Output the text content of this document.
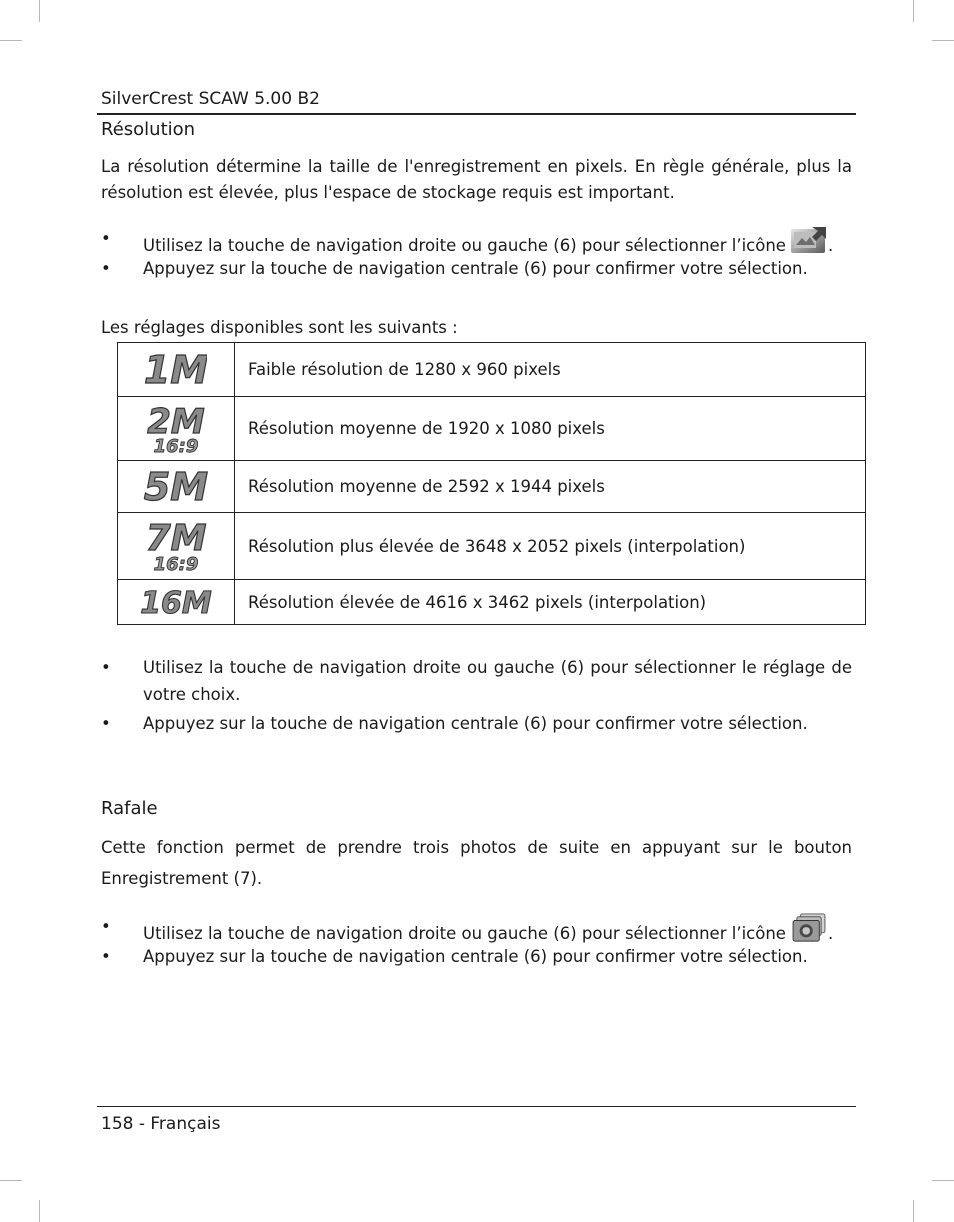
SilverCrest SCAW 5.00 B2
Résolution
La résolution détermine la taille de l'enregistrement en pixels. En règle générale, plus la résolution est élevée, plus l'espace de stockage requis est important.
• Utilisez la touche de navigation droite ou gauche (6) pour sélectionner l’icône	.
• Appuyez sur la touche de navigation centrale (6) pour confirmer votre sélection.
Les réglages disponibles sont les suivants :
1M	Faible résolution de 1280 x 960 pixels

2M
16:9	Résolution moyenne de 1920 x 1080 pixels

5M	Résolution moyenne de 2592 x 1944 pixels

7M
16:9	Résolution plus élevée de 3648 x 2052 pixels (interpolation)

16M	Résolution élevée de 4616 x 3462 pixels (interpolation)
• Utilisez la touche de navigation droite ou gauche (6) pour sélectionner le réglage de votre choix.
• Appuyez sur la touche de navigation centrale (6) pour confirmer votre sélection.
Rafale
Cette fonction permet de prendre trois photos de suite en appuyant sur le bouton Enregistrement (7).
• Utilisez la touche de navigation droite ou gauche (6) pour sélectionner l’icône	.
• Appuyez sur la touche de navigation centrale (6) pour confirmer votre sélection.
158 - Français
